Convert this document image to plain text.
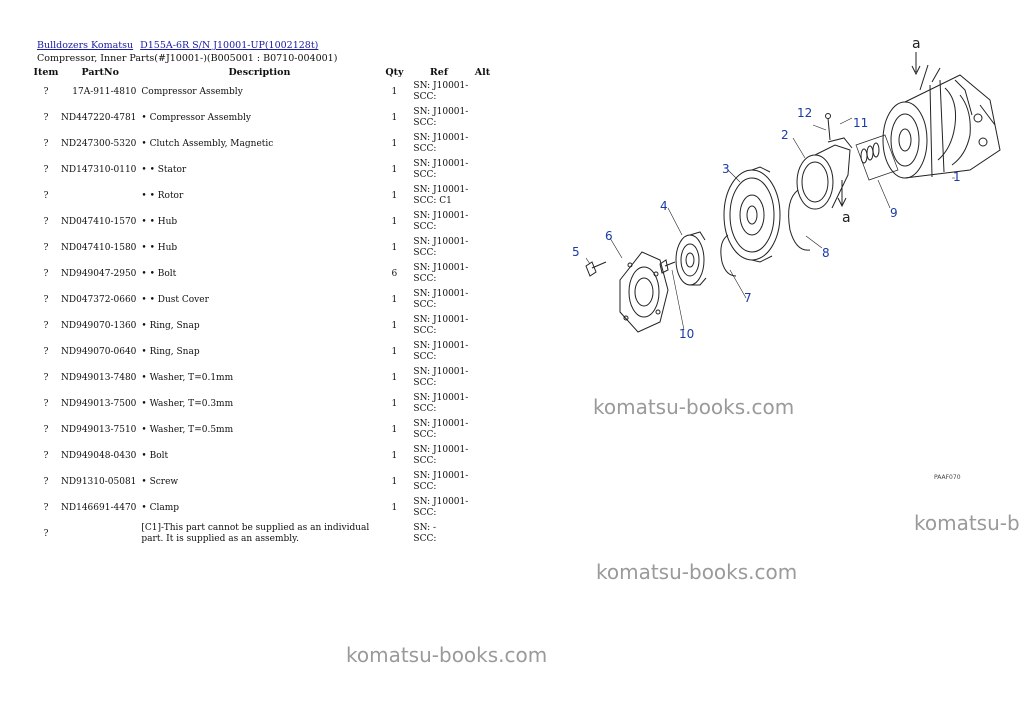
Bulldozers Komatsu D155A-6R S/N J10001-UP(1002128t)
Compressor, Inner Parts(#J10001-)(B005001 : B0710-004001)
Item	PartNo	Description	Qty	Ref	Alt
?	17A-911-4810	Compressor Assembly	1	SN: J10001-
SCC:	

?	ND447220-4781	• Compressor Assembly	1	SN: J10001-
SCC:	

?	ND247300-5320	• Clutch Assembly, Magnetic	1	SN: J10001-
SCC:	

?	ND147310-0110	• • Stator	1	SN: J10001-
SCC:	

?		• • Rotor	1	SN: J10001-
SCC: C1	

?	ND047410-1570	• • Hub	1	SN: J10001-
SCC:	

?	ND047410-1580	• • Hub	1	SN: J10001-
SCC:	

?	ND949047-2950	• • Bolt	6	SN: J10001-
SCC:	

?	ND047372-0660	• • Dust Cover	1	SN: J10001-
SCC:	

?	ND949070-1360	• Ring, Snap	1	SN: J10001-
SCC:	

?	ND949070-0640	• Ring, Snap	1	SN: J10001-
SCC:	

?	ND949013-7480	• Washer, T=0.1mm	1	SN: J10001-
SCC:	

?	ND949013-7500	• Washer, T=0.3mm	1	SN: J10001-
SCC:	

?	ND949013-7510	• Washer, T=0.5mm	1	SN: J10001-
SCC:	

?	ND949048-0430	• Bolt	1	SN: J10001-
SCC:	

?	ND91310-05081	• Screw	1	SN: J10001-
SCC:	

?	ND146691-4470	• Clamp	1	SN: J10001-
SCC:	

?		[C1]-This part cannot be supplied as an individual part. It is supplied as an assembly.		SN: -
SCC:	

1
2
3
4
5
6
7
8
9
10
11
12
a
a
PAAF070
komatsu-books.com
komatsu-b
komatsu-books.com
komatsu-books.com
